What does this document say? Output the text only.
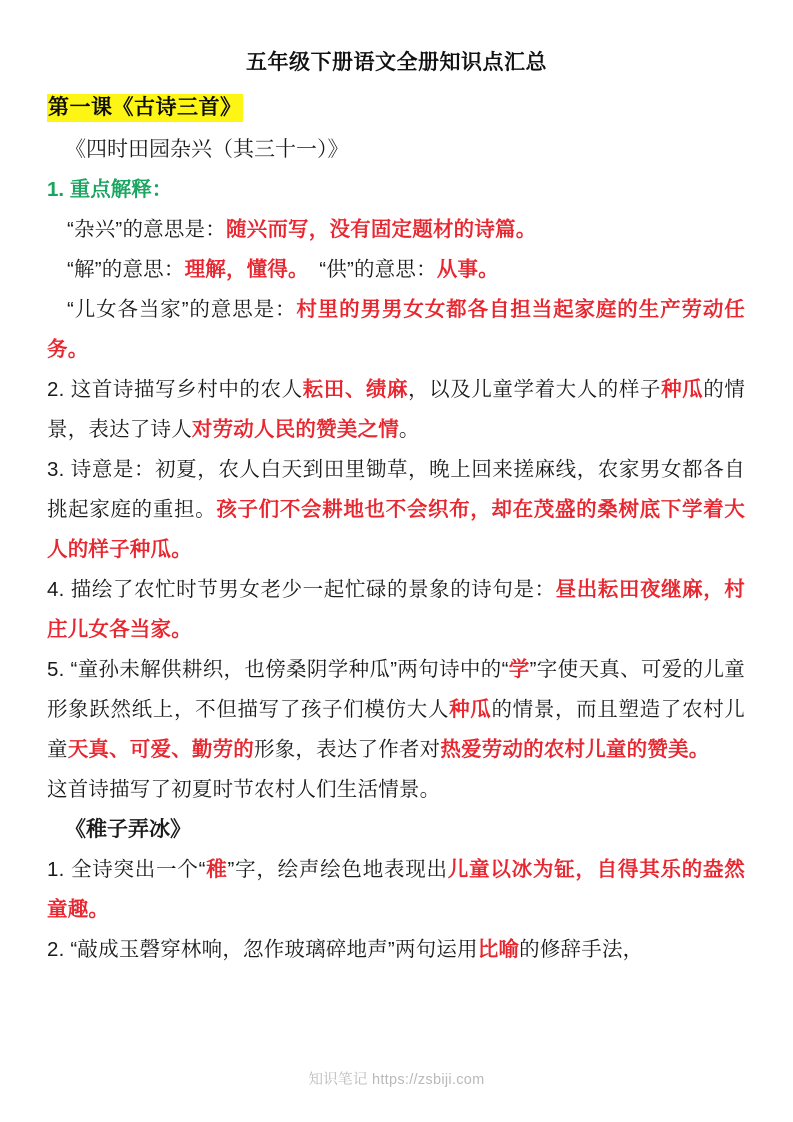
五年级下册语文全册知识点汇总
第一课《古诗三首》
《四时田园杂兴（其三十一）》
1. 重点解释：
“杂兴”的意思是：随兴而写，没有固定题材的诗篇。
“解”的意思：理解，懂得。　“供”的意思：从事。
“儿女各当家”的意思是：村里的男男女女都各自担当起家庭的生产劳动任务。
2. 这首诗描写乡村中的农人耘田、绩麻，以及儿童学着大人的样子种瓜的情景，表达了诗人对劳动人民的赞美之情。
3. 诗意是：初夏，农人白天到田里锄草，晚上回来搓麻线，农家男女都各自挑起家庭的重担。孩子们不会耕地也不会织布，却在茂盛的桑树底下学着大人的样子种瓜。
4. 描绘了农忙时节男女老少一起忙碌的景象的诗句是：昼出耘田夜继麻，村庄儿女各当家。
5. “童孙未解供耕织，也傍桑阴学种瓜”两句诗中的“学”字使天真、可爱的儿童形象跃然纸上，不但描写了孩子们模仿大人种瓜的情景，而且塑造了农村儿童天真、可爱、勤劳的形象，表达了作者对热爱劳动的农村儿童的赞美。
这首诗描写了初夏时节农村人们生活情景。
《稚子弄冰》
1. 全诗突出一个“稚”字，绘声绘色地表现出儿童以冰为钲，自得其乐的盎然童趣。
2. “敲成玉磬穿林响，忽作玻璃碎地声”两句运用比喻的修辞手法，
知识笔记 https://zsbiji.com
